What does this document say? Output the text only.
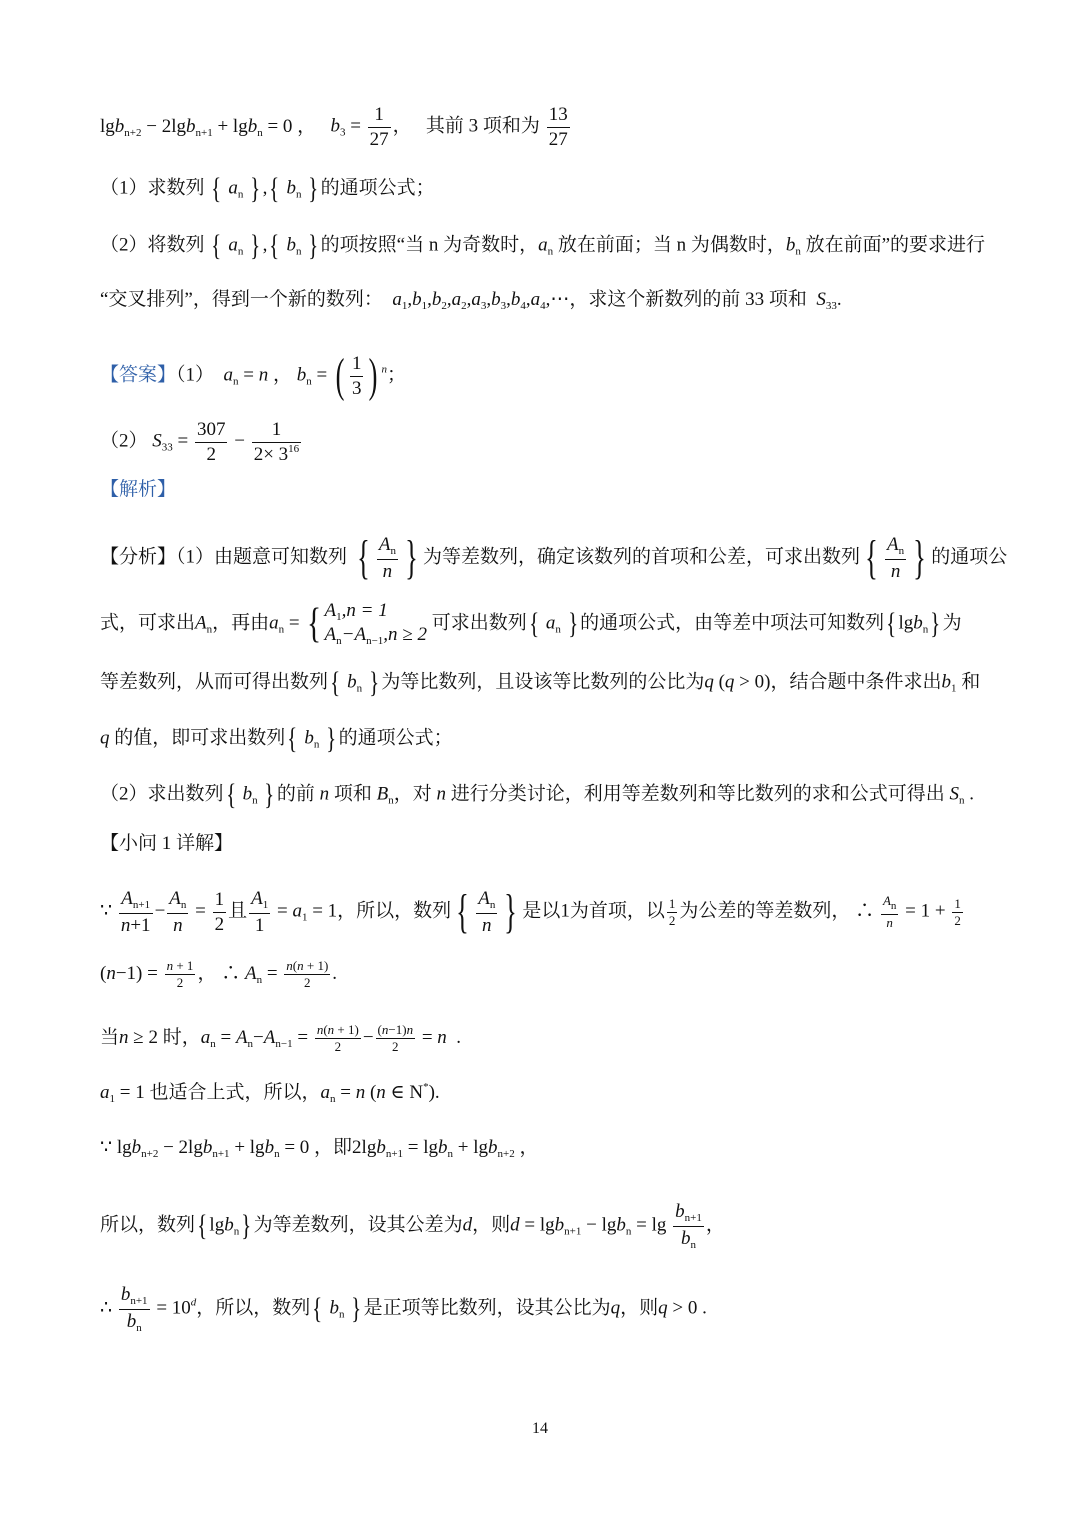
lgb$_{n+2}$ − 2lgb$_{n+1}$ + lgb$_n$ = 0 ，   $b_3 = \frac{1}{27}$ ，   其前 3 项和为 $\frac{13}{27}$
（1）求数列 { $a_n$ } ,{ $b_n$ } 的通项公式；
（2）将数列 { $a_n$ } ,{ $b_n$ } 的项按照“当 n 为奇数时，$a_n$ 放在前面；当 n 为偶数时，$b_n$ 放在前面”的要求进行
“交叉排列”，得到一个新的数列： $a_1,b_1,b_2,a_2,a_3,b_3,b_4,a_4,\cdots$，求这个新数列的前 33 项和 $S_{33}$.
【答案】（1） $a_n = n$ ， $b_n$ = ( $\frac{1}{3}$ ) $^n$；
（2） $S_{33} = \frac{307}{2} - \frac{1}{2\times 3^{16}}$
【解析】
【分析】（1）由题意可知数列 { $\frac{A_n}{n}$ } 为等差数列，确定该数列的首项和公差，可求出数列 { $\frac{A_n}{n}$ } 的通项公
式，可求出$A_n$，再由$a_n$ = { $A_1,n = 1$
$A_n-A_{n-1},n \ge 2$
可求出数列{ $a_n$ } 的通项公式，由等差中项法可知数列{ lgb$_n$} 为
等差数列，从而可得出数列{ $b_n$ } 为等比数列，且设该等比数列的公比为q (q > 0)，结合题中条件求出$b_1$ 和
q 的值，即可求出数列{ $b_n$ } 的通项公式；
（2）求出数列{ $b_n$ } 的前 n 项和 $B_n$，对 n 进行分类讨论，利用等差数列和等比数列的求和公式可得出 $S_n$ .
【小问 1 详解】
∵ $\frac{A_{n+1}}{n+1} - \frac{A_n}{n} = \frac{1}{2}$ 且 $\frac{A_1}{1} = a_1 = 1$，所以，数列 { $\frac{A_n}{n}$ } 是以1为首项，以 $\frac{1}{2}$ 为公差的等差数列， ∴ $\frac{A_n}{n} = 1 + \frac{1}{2}$
$(n-1) = \frac{n + 1}{2}$ ， ∴ $A_n = \frac{n(n + 1)}{2}$ .
当n ≥ 2 时，$a_n = A_n-A_{n-1} = \frac{n(n + 1)}{2} - \frac{(n-1)n}{2} = n$  .
$a_1 = 1$ 也适合上式，所以，$a_n = n$ (n ∈ N*).
∵ lgb$_{n+2}$ − 2lgb$_{n+1}$ + lgb$_n$ = 0 ，即2lgb$_{n+1}$ = lgb$_n$ + lgb$_{n+2}$ ，
所以，数列{ lgb$_n$} 为等差数列，设其公差为d，则$d = \lg b_{n+1} - \lg b_n = \lg \frac{b_{n+1}}{b_n}$ ，
∴ $\frac{b_{n+1}}{b_n} = 10^d$，所以，数列{ $b_n$ } 是正项等比数列，设其公比为q，则q > 0 .
14
